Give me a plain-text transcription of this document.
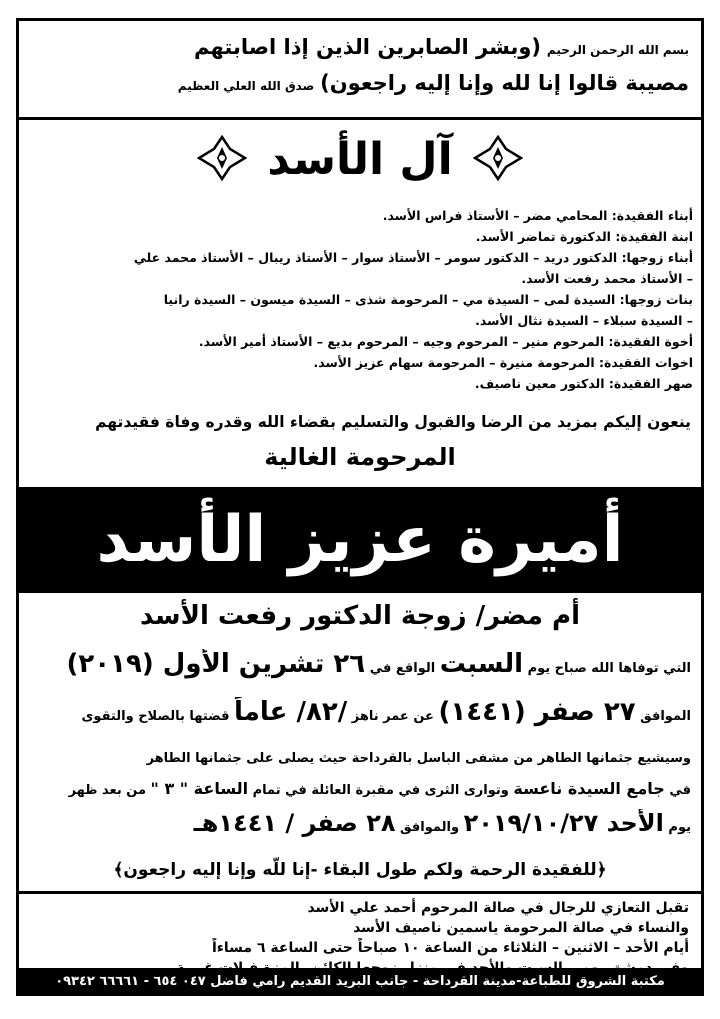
بسم الله الرحمن الرحيم (وبشر الصابرين الذين إذا اصابتهم
مصيبة قالوا إنا لله وإنا إليه راجعون) صدق الله العلي العظيم
آل الأسد
أبناء الفقيدة: المحامي مضر – الأستاذ فراس الأسد.
ابنة الفقيدة: الدكتورة تماضر الأسد.
أبناء زوجها: الدكتور دريد – الدكتور سومر – الأستاذ سوار – الأستاذ ريبال – الأستاذ محمد علي
– الأستاذ محمد رفعت الأسد.
بنات زوجها: السيدة لمى – السيدة مي – المرحومة شذى – السيدة ميسون – السيدة رانيا
– السيدة سبلاء – السيدة نثال الأسد.
أخوة الفقيدة: المرحوم منير – المرحوم وجيه – المرحوم بديع – الأستاذ أمير الأسد.
اخوات الفقيدة: المرحومة منيرة – المرحومة سهام عزيز الأسد.
صهر الفقيدة: الدكتور معين ناصيف.
ينعون إليكم بمزيد من الرضا والقبول والتسليم بقضاء الله وقدره وفاة فقيدتهم
المرحومة الغالية
أميرة عزيز الأسد
أم مضر/ زوجة الدكتور رفعت الأسد
التي توفاها الله صباح يوم السبت الواقع في ٢٦ تشرين الأول (٢٠١٩)
الموافق ٢٧ صفر (١٤٤١) عن عمر ناهز /٨٢/ عاماً قضتها بالصلاح والتقوى
وسيشيع جثمانها الطاهر من مشفى الباسل بالقرداحة حيث يصلى على جثمانها الطاهر
في جامع السيدة ناعسة وتوارى الثرى في مقبرة العائلة في تمام الساعة " ٣ " من بعد ظهر
يوم الأحد ٢٠١٩/١٠/٢٧ والموافق ٢٨ صفر / ١٤٤١هـ
﴿للفقيدة الرحمة ولكم طول البقاء -إنا للّه وإنا إليه راجعون﴾
تقبل التعازي للرجال في صالة المرحوم أحمد علي الأسد
والنساء في صالة المرحومة ياسمين ناصيف الأسد
أيام الأحد – الاثنين – الثلاثاء من الساعة ١٠ صباحاً حتى الساعة ٦ مساءاً
مكتبة الشروق للطباعة-مدينة القرداحة - جانب البريد القديم رامي فاضل ٠٤٧ ٦٥٤ - ٦٦٦٦١ ٠٩٣٤٢
